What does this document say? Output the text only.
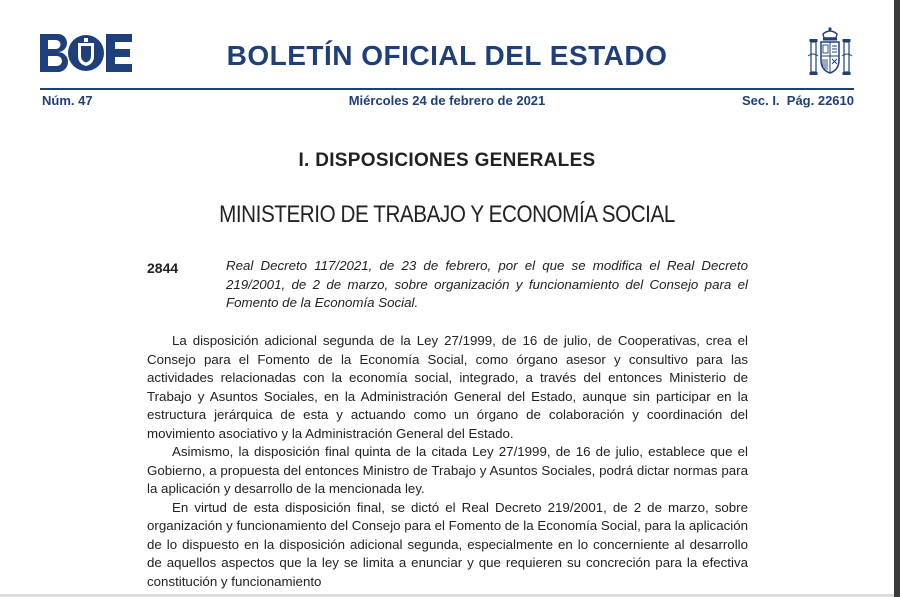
BOLETÍN OFICIAL DEL ESTADO
Núm. 47	Miércoles 24 de febrero de 2021	Sec. I.  Pág. 22610
I. DISPOSICIONES GENERALES
MINISTERIO DE TRABAJO Y ECONOMÍA SOCIAL
2844	Real Decreto 117/2021, de 23 de febrero, por el que se modifica el Real Decreto 219/2001, de 2 de marzo, sobre organización y funcionamiento del Consejo para el Fomento de la Economía Social.

La disposición adicional segunda de la Ley 27/1999, de 16 de julio, de Cooperativas, crea el Consejo para el Fomento de la Economía Social, como órgano asesor y consultivo para las actividades relacionadas con la economía social, integrado, a través del entonces Ministerio de Trabajo y Asuntos Sociales, en la Administración General del Estado, aunque sin participar en la estructura jerárquica de esta y actuando como un órgano de colaboración y coordinación del movimiento asociativo y la Administración General del Estado.

Asimismo, la disposición final quinta de la citada Ley 27/1999, de 16 de julio, establece que el Gobierno, a propuesta del entonces Ministro de Trabajo y Asuntos Sociales, podrá dictar normas para la aplicación y desarrollo de la mencionada ley.

En virtud de esta disposición final, se dictó el Real Decreto 219/2001, de 2 de marzo, sobre organización y funcionamiento del Consejo para el Fomento de la Economía Social, para la aplicación de lo dispuesto en la disposición adicional segunda, especialmente en lo concerniente al desarrollo de aquellos aspectos que la ley se limita a enunciar y que requieren su concreción para la efectiva constitución y funcionamiento
